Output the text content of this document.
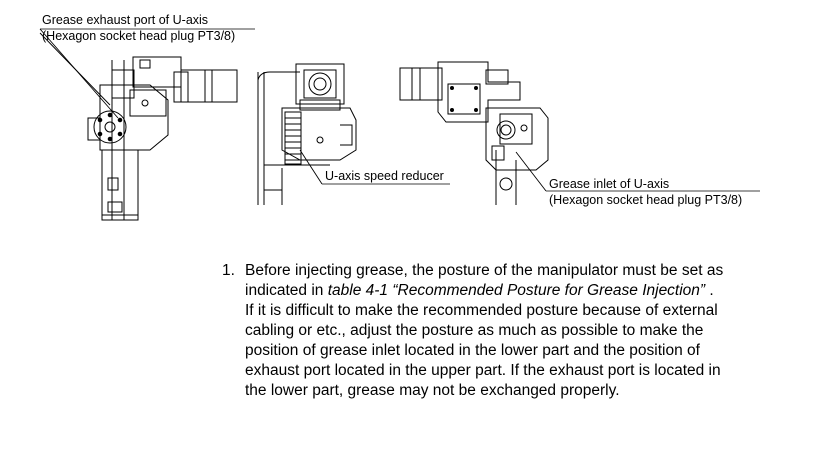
Grease exhaust port of U-axis
(Hexagon socket head plug PT3/8)
U-axis speed reducer
Grease inlet of U-axis
(Hexagon socket head plug PT3/8)
1. Before injecting grease, the posture of the manipulator must be set as
indicated in table 4-1 “Recommended Posture for Grease Injection” .
If it is difficult to make the recommended posture because of external
cabling or etc., adjust the posture as much as possible to make the
position of grease inlet located in the lower part and the position of
exhaust port located in the upper part. If the exhaust port is located in
the lower part, grease may not be exchanged properly.
